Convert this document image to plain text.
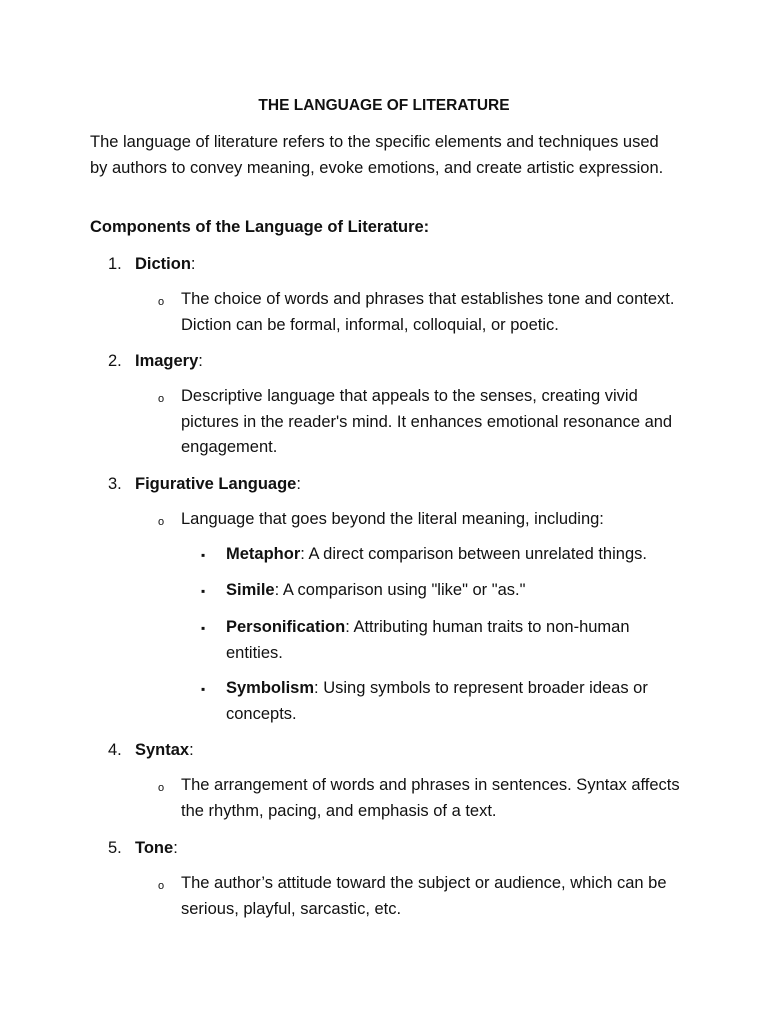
THE LANGUAGE OF LITERATURE

The language of literature refers to the specific elements and techniques used by authors to convey meaning, evoke emotions, and create artistic expression.

Components of the Language of Literature:

1. Diction:
o The choice of words and phrases that establishes tone and context. Diction can be formal, informal, colloquial, or poetic.
2. Imagery:
o Descriptive language that appeals to the senses, creating vivid pictures in the reader's mind. It enhances emotional resonance and engagement.
3. Figurative Language:
o Language that goes beyond the literal meaning, including:
▪ Metaphor: A direct comparison between unrelated things.
▪ Simile: A comparison using "like" or "as."
▪ Personification: Attributing human traits to non-human entities.
▪ Symbolism: Using symbols to represent broader ideas or concepts.
4. Syntax:
o The arrangement of words and phrases in sentences. Syntax affects the rhythm, pacing, and emphasis of a text.
5. Tone:
o The author’s attitude toward the subject or audience, which can be serious, playful, sarcastic, etc.
